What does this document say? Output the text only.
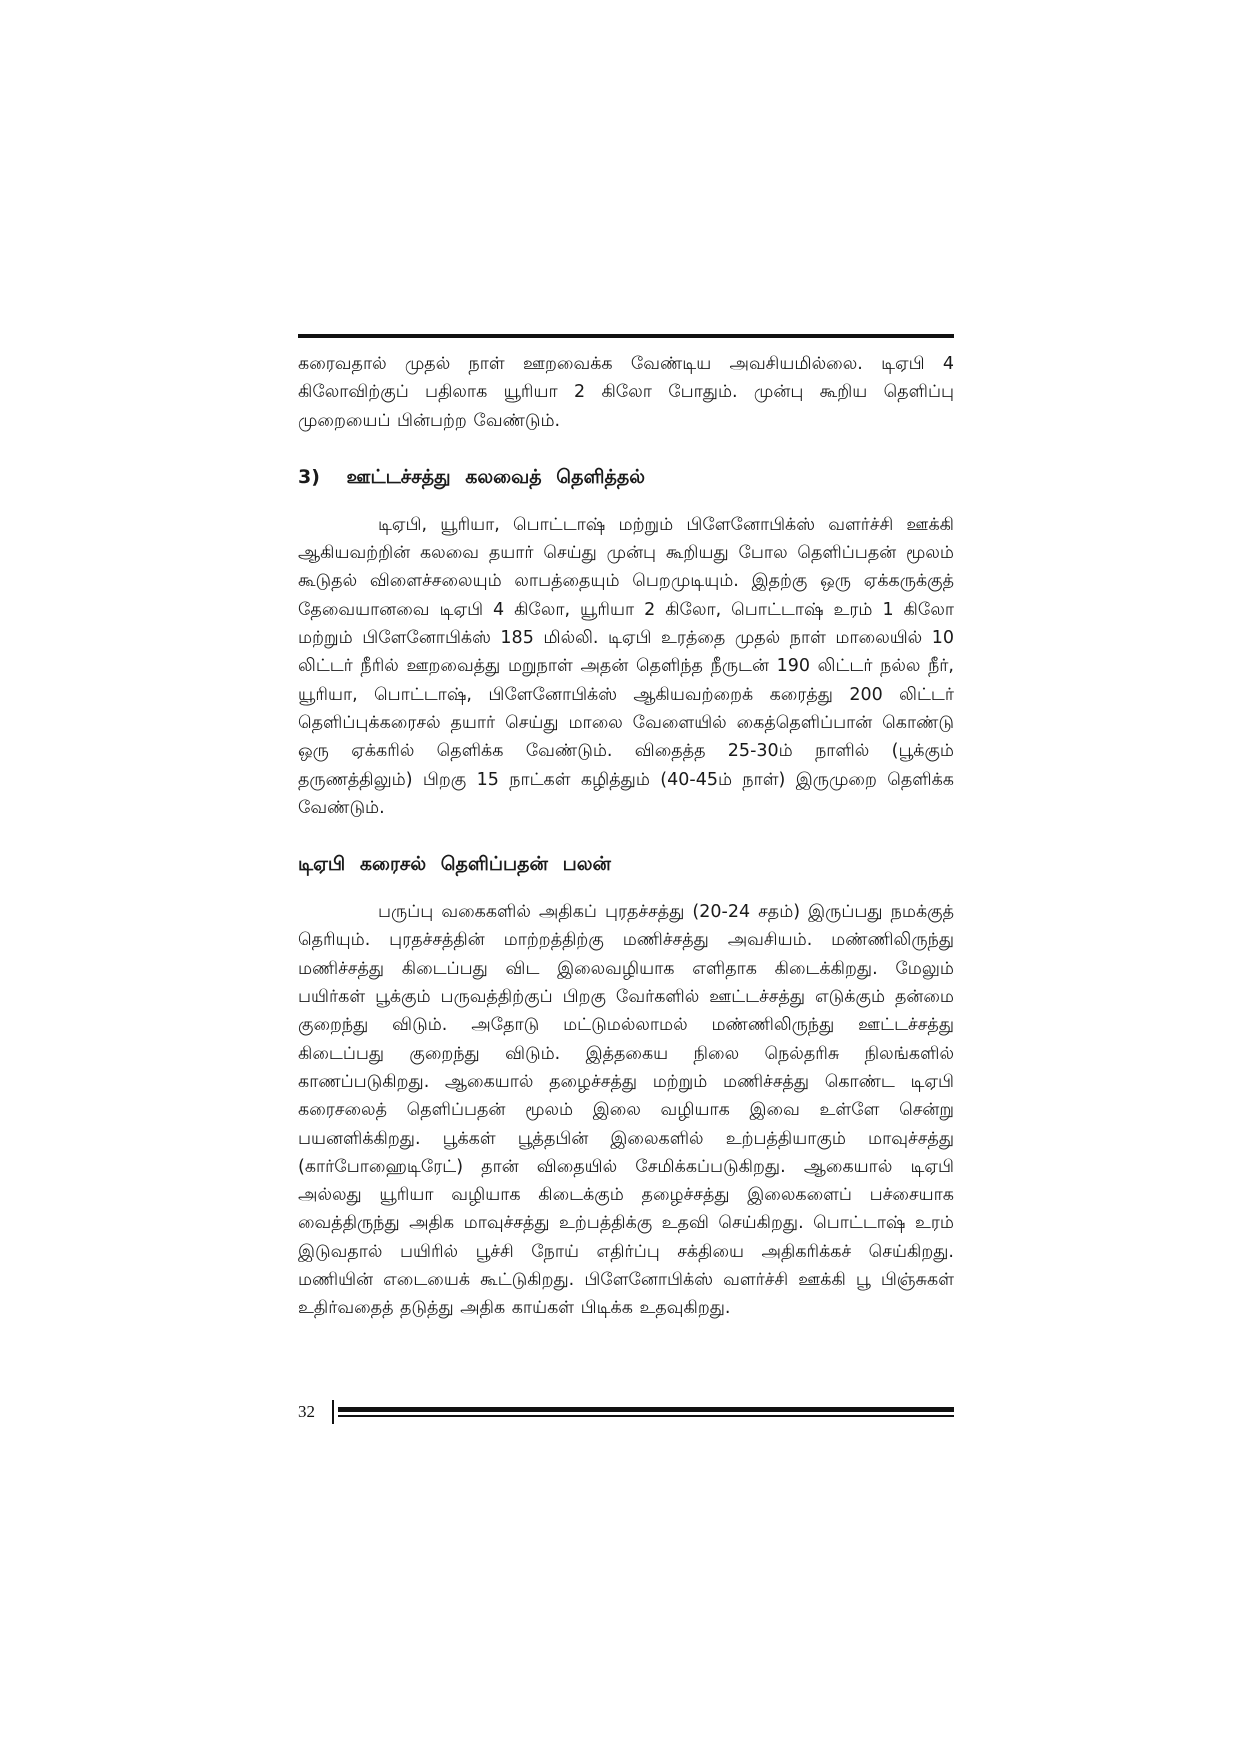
கரைவதால் முதல் நாள் ஊறவைக்க வேண்டிய அவசியமில்லை. டிஏபி 4 கிலோவிற்குப் பதிலாக யூரியா 2 கிலோ போதும். முன்பு கூறிய தெளிப்பு முறையைப் பின்பற்ற வேண்டும்.

3) ஊட்டச்சத்து கலவைத் தெளித்தல்

டிஏபி, யூரியா, பொட்டாஷ் மற்றும் பிளேனோபிக்ஸ் வளர்ச்சி ஊக்கி ஆகியவற்றின் கலவை தயார் செய்து முன்பு கூறியது போல தெளிப்பதன் மூலம் கூடுதல் விளைச்சலையும் லாபத்தையும் பெறமுடியும். இதற்கு ஒரு ஏக்கருக்குத் தேவையானவை டிஏபி 4 கிலோ, யூரியா 2 கிலோ, பொட்டாஷ் உரம் 1 கிலோ மற்றும் பிளேனோபிக்ஸ் 185 மில்லி. டிஏபி உரத்தை முதல் நாள் மாலையில் 10 லிட்டர் நீரில் ஊறவைத்து மறுநாள் அதன் தெளிந்த நீருடன் 190 லிட்டர் நல்ல நீர், யூரியா, பொட்டாஷ், பிளேனோபிக்ஸ் ஆகியவற்றைக் கரைத்து 200 லிட்டர் தெளிப்புக்கரைசல் தயார் செய்து மாலை வேளையில் கைத்தெளிப்பான் கொண்டு ஒரு ஏக்கரில் தெளிக்க வேண்டும். விதைத்த 25-30ம் நாளில் (பூக்கும் தருணத்திலும்) பிறகு 15 நாட்கள் கழித்தும் (40-45ம் நாள்) இருமுறை தெளிக்க வேண்டும்.

டிஏபி கரைசல் தெளிப்பதன் பலன்

பருப்பு வகைகளில் அதிகப் புரதச்சத்து (20-24 சதம்) இருப்பது நமக்குத் தெரியும். புரதச்சத்தின் மாற்றத்திற்கு மணிச்சத்து அவசியம். மண்ணிலிருந்து மணிச்சத்து கிடைப்பது விட இலைவழியாக எளிதாக கிடைக்கிறது. மேலும் பயிர்கள் பூக்கும் பருவத்திற்குப் பிறகு வேர்களில் ஊட்டச்சத்து எடுக்கும் தன்மை குறைந்து விடும். அதோடு மட்டுமல்லாமல் மண்ணிலிருந்து ஊட்டச்சத்து கிடைப்பது குறைந்து விடும். இத்தகைய நிலை நெல்தரிசு நிலங்களில் காணப்படுகிறது. ஆகையால் தழைச்சத்து மற்றும் மணிச்சத்து கொண்ட டிஏபி கரைசலைத் தெளிப்பதன் மூலம் இலை வழியாக இவை உள்ளே சென்று பயனளிக்கிறது. பூக்கள் பூத்தபின் இலைகளில் உற்பத்தியாகும் மாவுச்சத்து (கார்போஹைடிரேட்) தான் விதையில் சேமிக்கப்படுகிறது. ஆகையால் டிஏபி அல்லது யூரியா வழியாக கிடைக்கும் தழைச்சத்து இலைகளைப் பச்சையாக வைத்திருந்து அதிக மாவுச்சத்து உற்பத்திக்கு உதவி செய்கிறது. பொட்டாஷ் உரம் இடுவதால் பயிரில் பூச்சி நோய் எதிர்ப்பு சக்தியை அதிகரிக்கச் செய்கிறது. மணியின் எடையைக் கூட்டுகிறது. பிளேனோபிக்ஸ் வளர்ச்சி ஊக்கி பூ பிஞ்சுகள் உதிர்வதைத் தடுத்து அதிக காய்கள் பிடிக்க உதவுகிறது.

32
